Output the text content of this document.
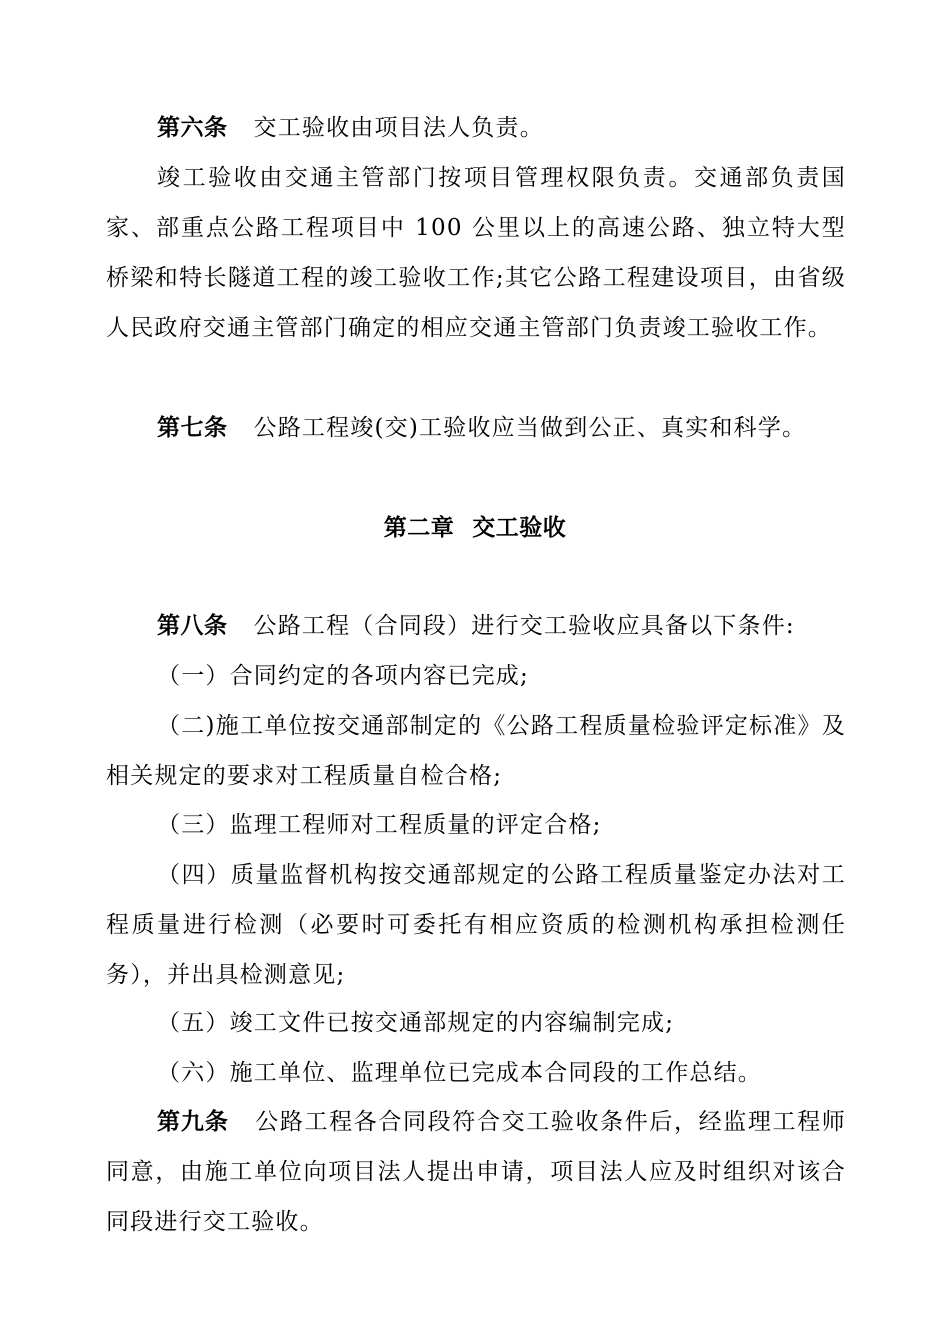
第六条 交工验收由项目法人负责。

竣工验收由交通主管部门按项目管理权限负责。交通部负责国家、部重点公路工程项目中 100 公里以上的高速公路、独立特大型桥梁和特长隧道工程的竣工验收工作;其它公路工程建设项目，由省级人民政府交通主管部门确定的相应交通主管部门负责竣工验收工作。

第七条 公路工程竣(交)工验收应当做到公正、真实和科学。

第二章 交工验收

第八条 公路工程（合同段）进行交工验收应具备以下条件:

（一）合同约定的各项内容已完成;

（二)施工单位按交通部制定的《公路工程质量检验评定标准》及相关规定的要求对工程质量自检合格;

（三）监理工程师对工程质量的评定合格;

（四）质量监督机构按交通部规定的公路工程质量鉴定办法对工程质量进行检测（必要时可委托有相应资质的检测机构承担检测任务），并出具检测意见;

（五）竣工文件已按交通部规定的内容编制完成;

（六）施工单位、监理单位已完成本合同段的工作总结。

第九条 公路工程各合同段符合交工验收条件后，经监理工程师同意，由施工单位向项目法人提出申请，项目法人应及时组织对该合同段进行交工验收。
